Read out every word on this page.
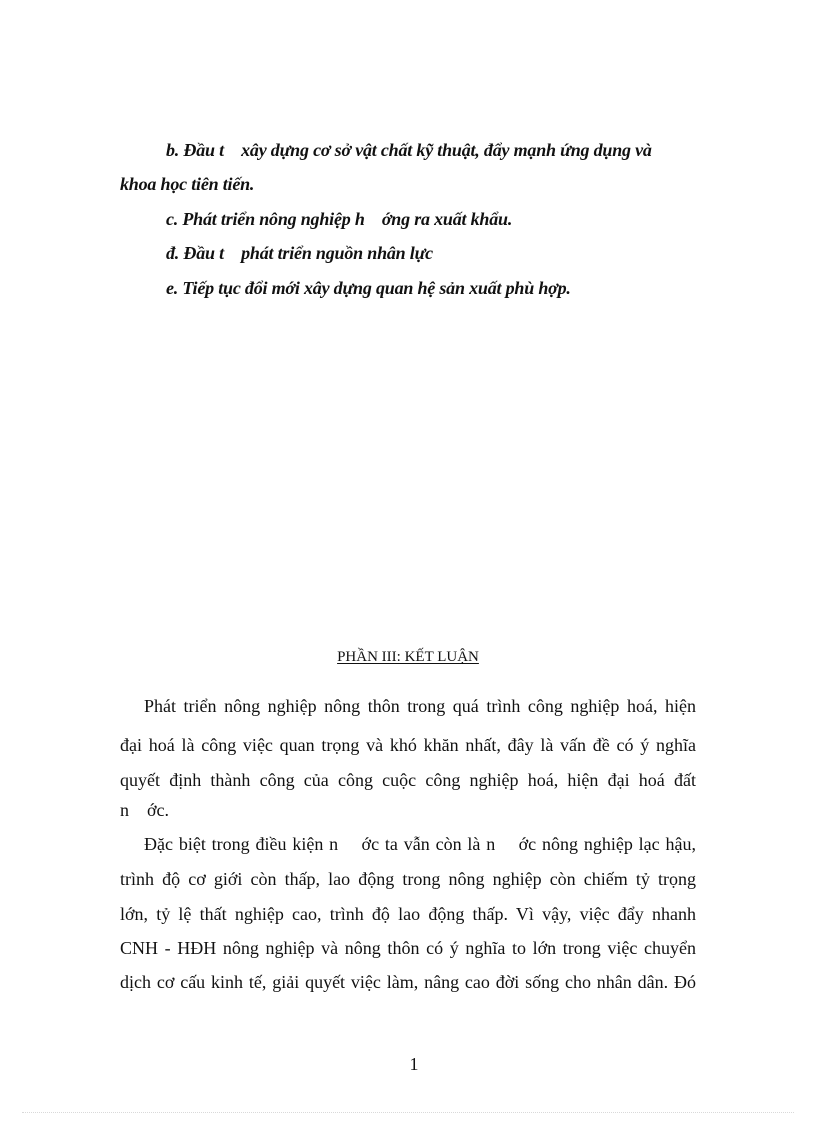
b. Đầu t    xây dựng cơ sở vật chất kỹ thuật, đẩy mạnh ứng dụng và
khoa học tiên tiến.
c. Phát triển nông nghiệp h    ớng ra xuất khẩu.
đ. Đầu t    phát triển nguồn nhân lực
e. Tiếp tục đổi mới xây dựng quan hệ sản xuất phù hợp.
PHẦN III: KẾT LUẬN
Phát triển nông nghiệp nông thôn trong quá trình công nghiệp hoá, hiện
đại hoá là công việc quan trọng và khó khăn nhất, đây là vấn đề có ý nghĩa
quyết định thành công của công cuộc công nghiệp hoá, hiện đại hoá đất
n    ớc.
Đặc biệt trong điều kiện n    ớc ta vẫn còn là n    ớc nông nghiệp lạc hậu,
trình độ cơ giới còn thấp, lao động trong nông nghiệp còn chiếm tỷ trọng
lớn, tỷ lệ thất nghiệp cao, trình độ lao động thấp. Vì vậy, việc đẩy nhanh
CNH - HĐH nông nghiệp và nông thôn có ý nghĩa to lớn trong việc chuyển
dịch cơ cấu kinh tế, giải quyết việc làm, nâng cao đời sống cho nhân dân. Đó
1
